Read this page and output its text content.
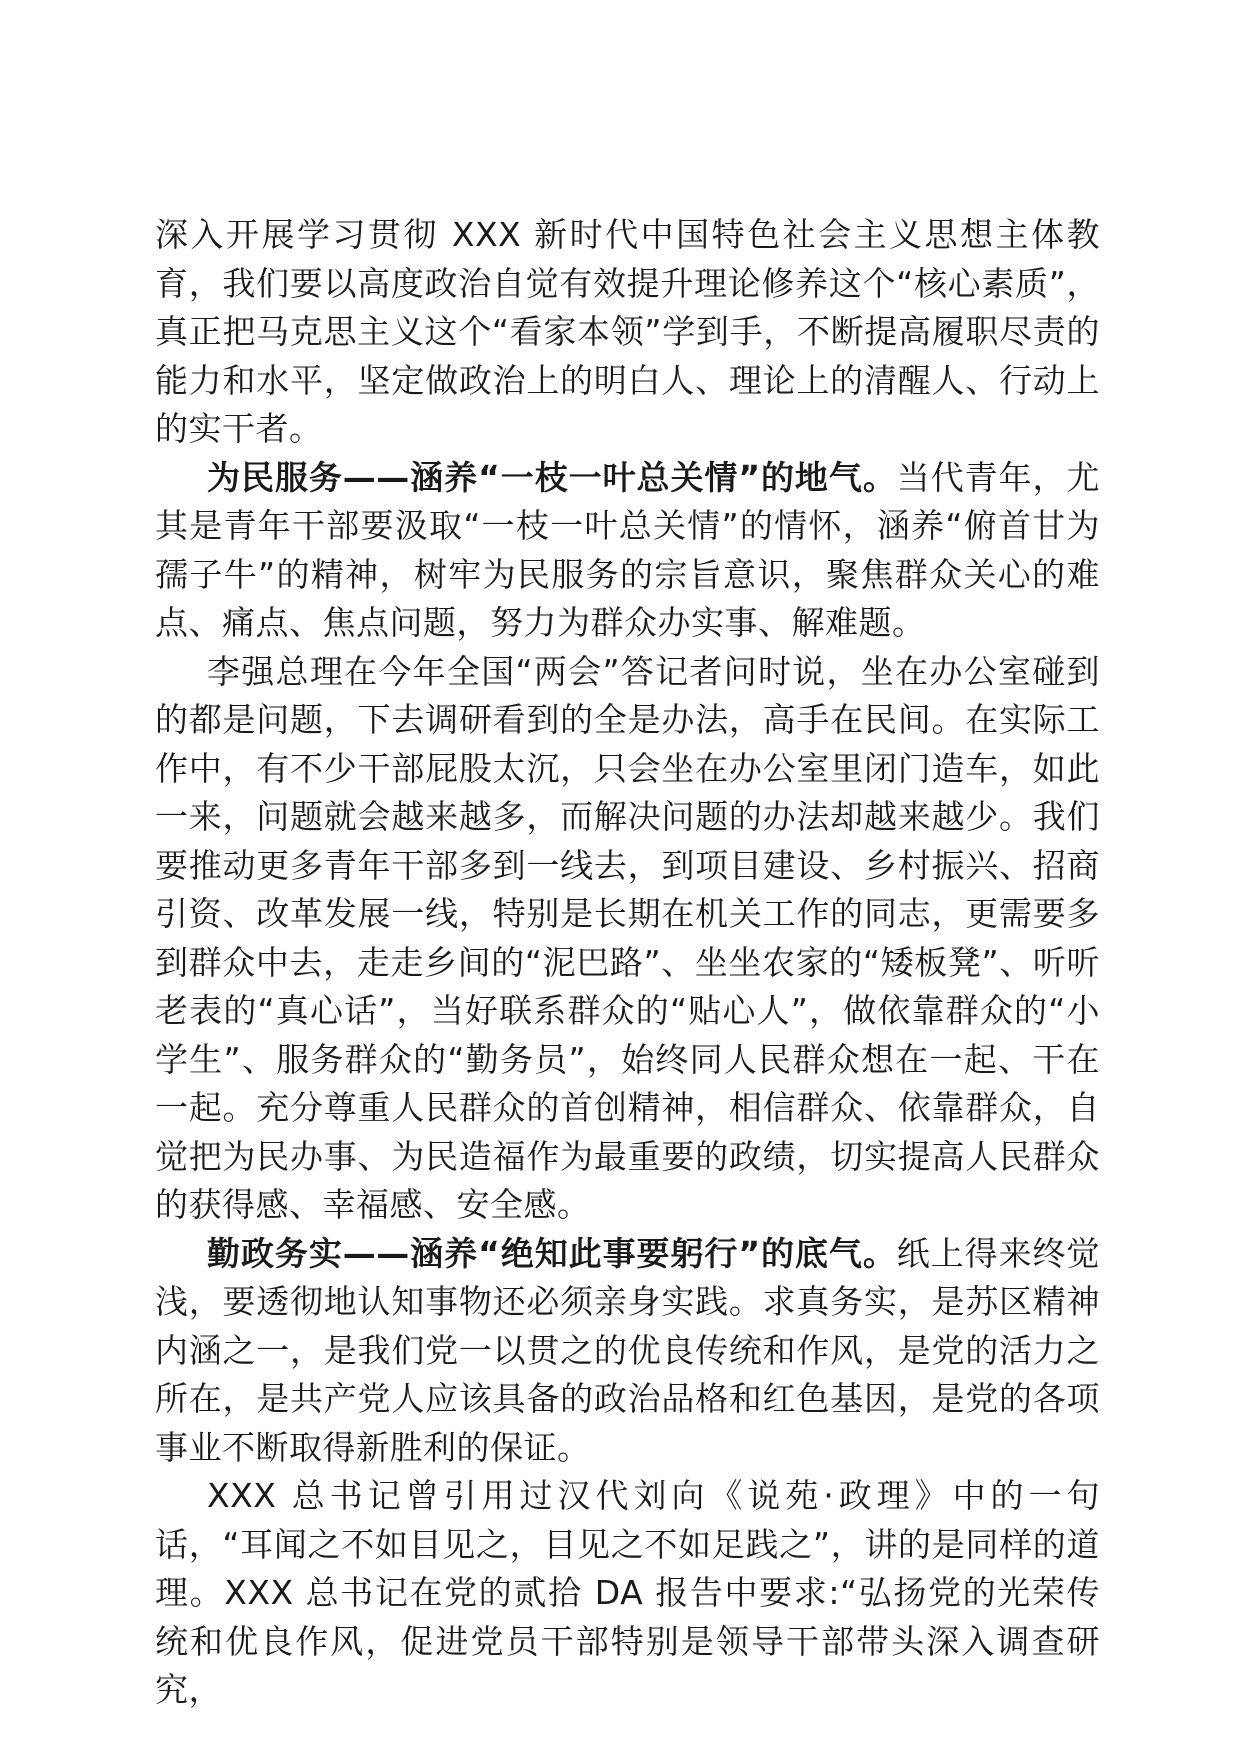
深入开展学习贯彻 XXX 新时代中国特色社会主义思想主体教育，我们要以高度政治自觉有效提升理论修养这个“核心素质”，真正把马克思主义这个“看家本领”学到手，不断提高履职尽责的能力和水平，坚定做政治上的明白人、理论上的清醒人、行动上的实干者。

为民服务——涵养“一枝一叶总关情”的地气。当代青年，尤其是青年干部要汲取“一枝一叶总关情”的情怀，涵养“俯首甘为孺子牛”的精神，树牢为民服务的宗旨意识，聚焦群众关心的难点、痛点、焦点问题，努力为群众办实事、解难题。

李强总理在今年全国“两会”答记者问时说，坐在办公室碰到的都是问题，下去调研看到的全是办法，高手在民间。在实际工作中，有不少干部屁股太沉，只会坐在办公室里闭门造车，如此一来，问题就会越来越多，而解决问题的办法却越来越少。我们要推动更多青年干部多到一线去，到项目建设、乡村振兴、招商引资、改革发展一线，特别是长期在机关工作的同志，更需要多到群众中去，走走乡间的“泥巴路”、坐坐农家的“矮板凳”、听听老表的“真心话”，当好联系群众的“贴心人”，做依靠群众的“小学生”、服务群众的“勤务员”，始终同人民群众想在一起、干在一起。充分尊重人民群众的首创精神，相信群众、依靠群众，自觉把为民办事、为民造福作为最重要的政绩，切实提高人民群众的获得感、幸福感、安全感。

勤政务实——涵养“绝知此事要躬行”的底气。纸上得来终觉浅，要透彻地认知事物还必须亲身实践。求真务实，是苏区精神内涵之一，是我们党一以贯之的优良传统和作风，是党的活力之所在，是共产党人应该具备的政治品格和红色基因，是党的各项事业不断取得新胜利的保证。

XXX 总书记曾引用过汉代刘向《说苑·政理》中的一句话，“耳闻之不如目见之，目见之不如足践之”，讲的是同样的道理。XXX 总书记在党的贰拾 DA 报告中要求:“弘扬党的光荣传统和优良作风，促进党员干部特别是领导干部带头深入调查研究，
